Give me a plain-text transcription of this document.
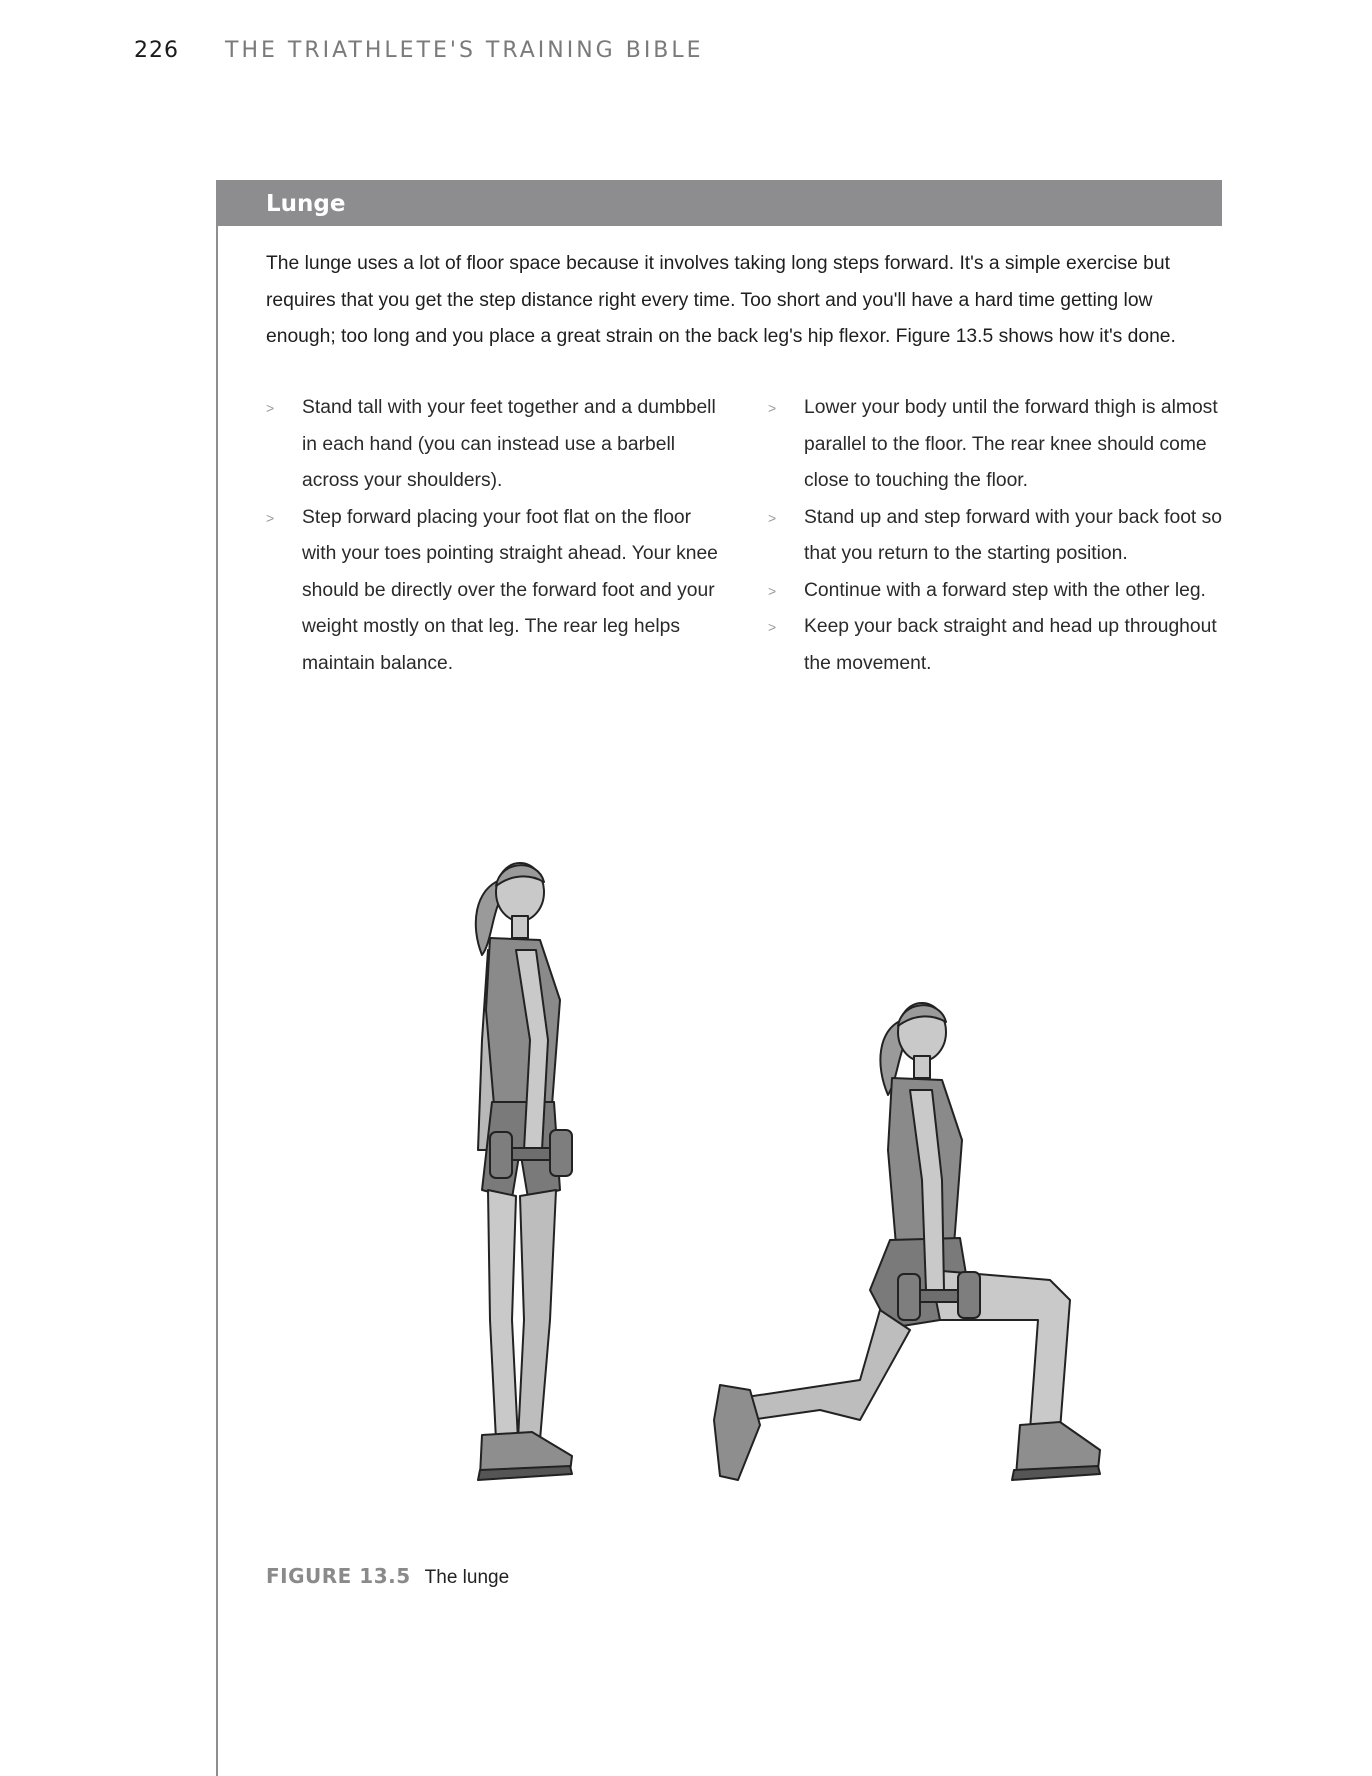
226 THE TRIATHLETE'S TRAINING BIBLE
Lunge

The lunge uses a lot of floor space because it involves taking long steps forward. It's a simple exercise but requires that you get the step distance right every time. Too short and you'll have a hard time getting low enough; too long and you place a great strain on the back leg's hip flexor. Figure 13.5 shows how it's done.

> Stand tall with your feet together and a dumbbell in each hand (you can instead use a barbell across your shoulders).
> Step forward placing your foot flat on the floor with your toes pointing straight ahead. Your knee should be directly over the forward foot and your weight mostly on that leg. The rear leg helps maintain balance.
> Lower your body until the forward thigh is almost parallel to the floor. The rear knee should come close to touching the floor.
> Stand up and step forward with your back foot so that you return to the starting position.
> Continue with a forward step with the other leg.
> Keep your back straight and head up throughout the movement.
FIGURE 13.5 The lunge
